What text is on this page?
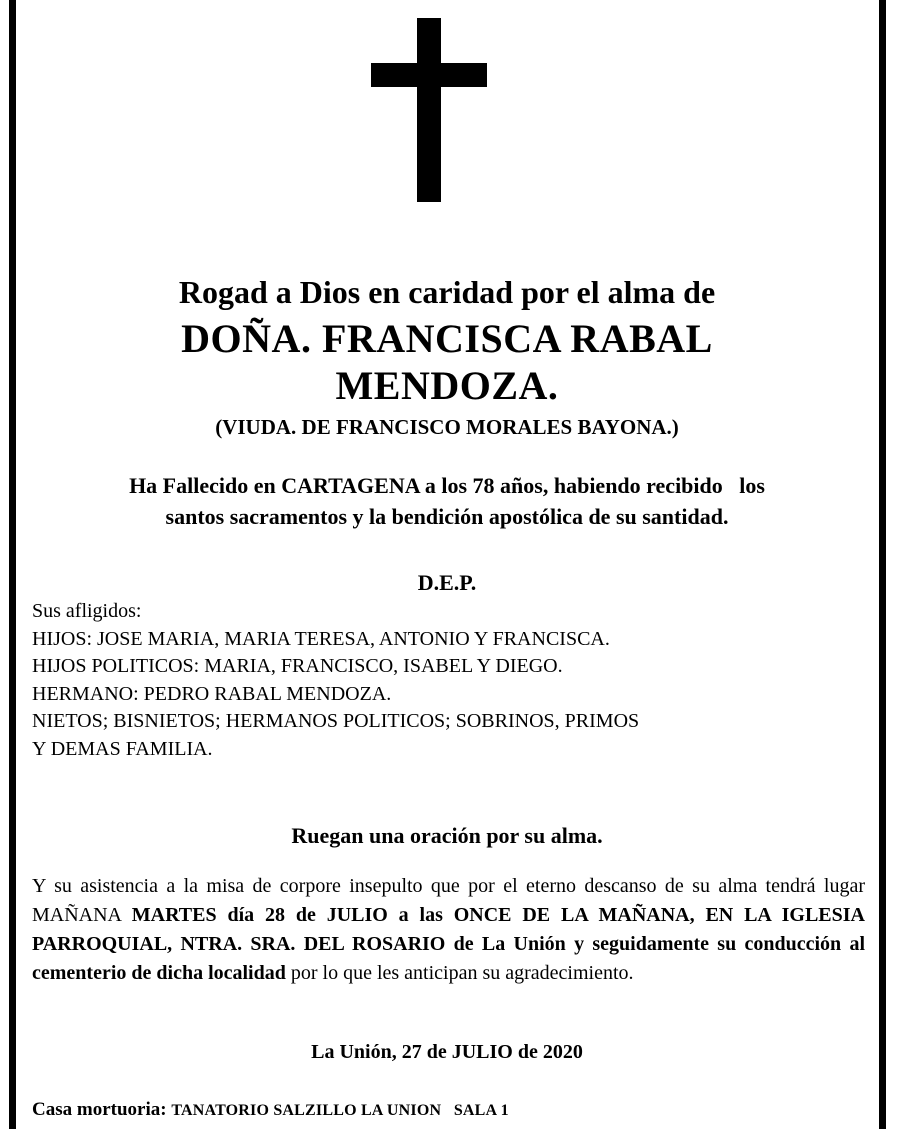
Rogad a Dios en caridad por el alma de
DOÑA. FRANCISCA RABAL
MENDOZA.
(VIUDA. DE FRANCISCO MORALES BAYONA.)
Ha Fallecido en CARTAGENA a los 78 años, habiendo recibido   los
santos sacramentos y la bendición apostólica de su santidad.
D.E.P.
Sus afligidos:
HIJOS: JOSE MARIA, MARIA TERESA, ANTONIO Y FRANCISCA.
HIJOS POLITICOS: MARIA, FRANCISCO, ISABEL Y DIEGO.
HERMANO: PEDRO RABAL MENDOZA.
NIETOS; BISNIETOS; HERMANOS POLITICOS; SOBRINOS, PRIMOS
Y DEMAS FAMILIA.
Ruegan una oración por su alma.
Y su asistencia a la misa de corpore insepulto que por el eterno descanso de su alma tendrá lugar MAÑANA MARTES día 28 de JULIO a las ONCE DE LA MAÑANA, EN LA IGLESIA PARROQUIAL, NTRA. SRA. DEL ROSARIO de La Unión y seguidamente su conducción al cementerio de dicha localidad por lo que les anticipan su agradecimiento.
La Unión, 27 de JULIO de 2020
Casa mortuoria: TANATORIO SALZILLO LA UNION   SALA 1
